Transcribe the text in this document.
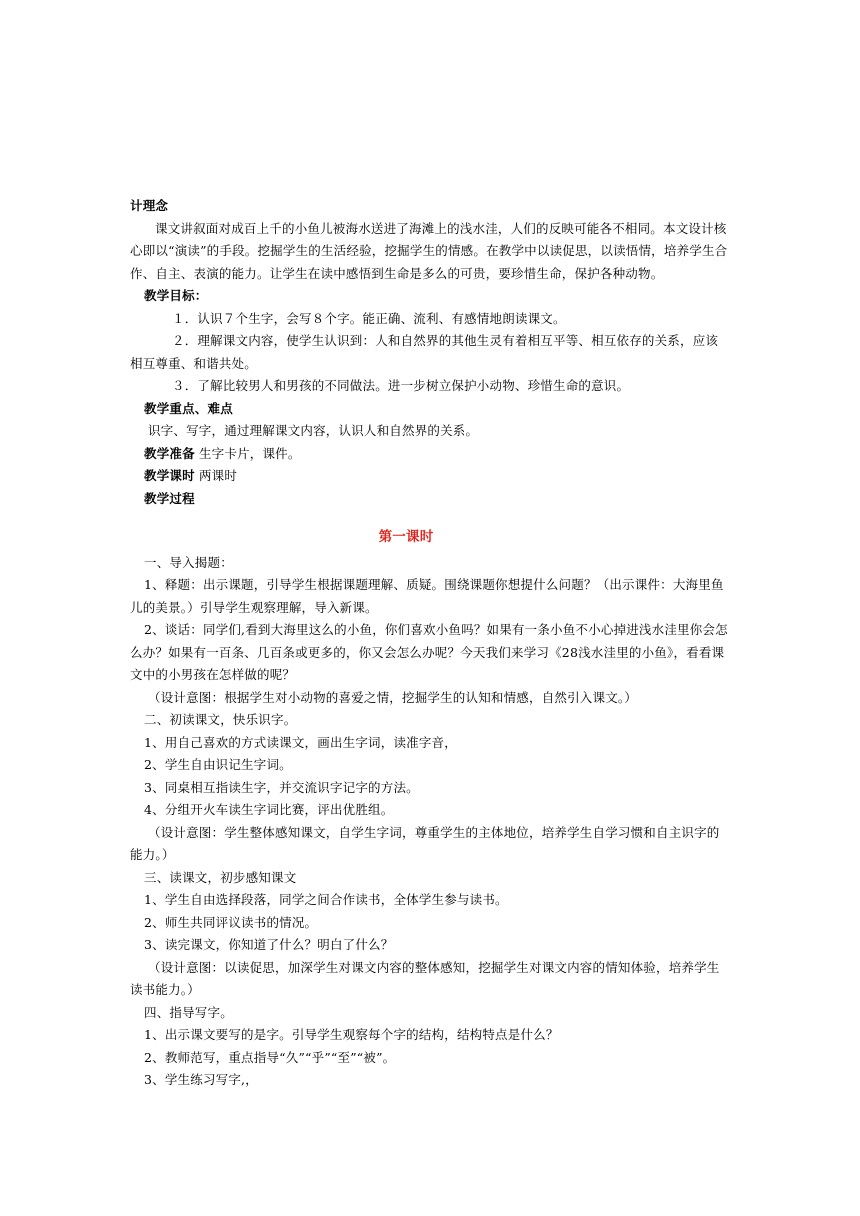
计理念

课文讲叙面对成百上千的小鱼儿被海水送进了海滩上的浅水洼，人们的反映可能各不相同。本文设计核心即以“演读”的手段。挖掘学生的生活经验，挖掘学生的情感。在教学中以读促思，以读悟情，培养学生合作、自主、表演的能力。让学生在读中感悟到生命是多么的可贵，要珍惜生命，保护各种动物。

教学目标：

１．认识７个生字，会写８个字。能正确、流利、有感情地朗读课文。

２．理解课文内容，使学生认识到：人和自然界的其他生灵有着相互平等、相互依存的关系，应该相互尊重、和谐共处。

３．了解比较男人和男孩的不同做法。进一步树立保护小动物、珍惜生命的意识。

教学重点、难点

识字、写字，通过理解课文内容，认识人和自然界的关系。

教学准备 生字卡片，课件。

教学课时 两课时

教学过程

第一课时

一、导入揭题：

1、释题：出示课题，引导学生根据课题理解、质疑。围绕课题你想提什么问题？（出示课件：大海里鱼儿的美景。）引导学生观察理解，导入新课。

2、谈话：同学们,看到大海里这么的小鱼，你们喜欢小鱼吗？如果有一条小鱼不小心掉进浅水洼里你会怎么办？如果有一百条、几百条或更多的，你又会怎么办呢？今天我们来学习《28浅水洼里的小鱼》，看看课文中的小男孩在怎样做的呢？

（设计意图：根据学生对小动物的喜爱之情，挖掘学生的认知和情感，自然引入课文。）

二、初读课文，快乐识字。

1、用自己喜欢的方式读课文，画出生字词，读准字音，

2、学生自由识记生字词。

3、同桌相互指读生字，并交流识字记字的方法。

4、分组开火车读生字词比赛，评出优胜组。

（设计意图：学生整体感知课文，自学生字词，尊重学生的主体地位，培养学生自学习惯和自主识字的能力。）

三、读课文，初步感知课文

1、学生自由选择段落，同学之间合作读书，全体学生参与读书。

2、师生共同评议读书的情况。

3、读完课文，你知道了什么？明白了什么？

（设计意图：以读促思，加深学生对课文内容的整体感知，挖掘学生对课文内容的情知体验，培养学生读书能力。）

四、指导写字。

1、出示课文要写的是字。引导学生观察每个字的结构，结构特点是什么？

2、教师范写，重点指导“久”“乎”“至”“被”。

3、学生练习写字,，
